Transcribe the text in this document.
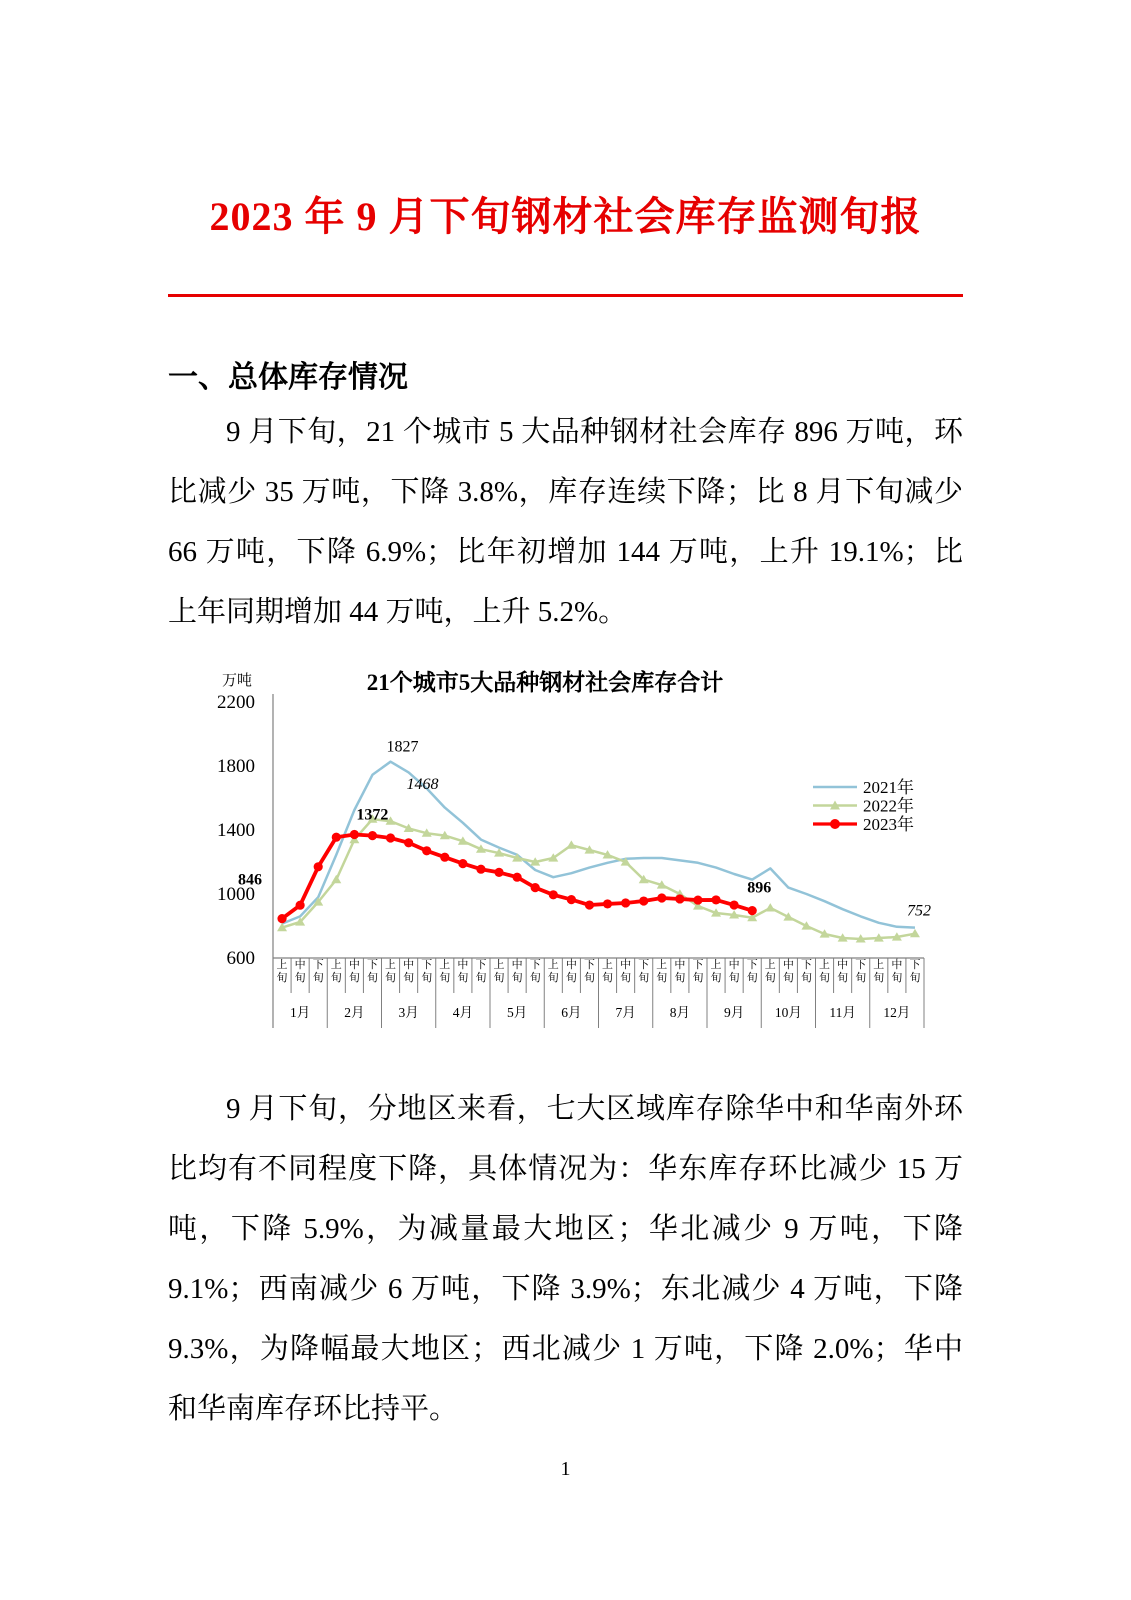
2023 年 9 月下旬钢材社会库存监测旬报
一、总体库存情况

9 月下旬，21 个城市 5 大品种钢材社会库存 896 万吨，环比减少 35 万吨，下降 3.8%，库存连续下降；比 8 月下旬减少 66 万吨，下降 6.9%；比年初增加 144 万吨，上升 19.1%；比上年同期增加 44 万吨，上升 5.2%。

600
1000
1400
1800
2200
万吨	21个城市5大品种钢材社会库存合计
上
旬
中
旬
下
旬
上
旬
中
旬
下
旬
上
旬
中
旬
下
旬
上
旬
中
旬
下
旬
上
旬
中
旬
下
旬
上
旬
中
旬
下
旬
上
旬
中
旬
下
旬
上
旬
中
旬
下
旬
上
旬
中
旬
下
旬
上
旬
中
旬
下
旬
上
旬
中
旬
下
旬
上
旬
中
旬
下
旬
1月	2月	3月	4月	5月	6月	7月	8月	9月 10月 11月 12月
846
1372
1468
1827
896
752
2021年
2022年
2023年

9 月下旬，分地区来看，七大区域库存除华中和华南外环比均有不同程度下降，具体情况为：华东库存环比减少 15 万吨，下降 5.9%，为减量最大地区；华北减少 9 万吨，下降 9.1%；西南减少 6 万吨，下降 3.9%；东北减少 4 万吨，下降 9.3%，为降幅最大地区；西北减少 1 万吨，下降 2.0%；华中和华南库存环比持平。

1
